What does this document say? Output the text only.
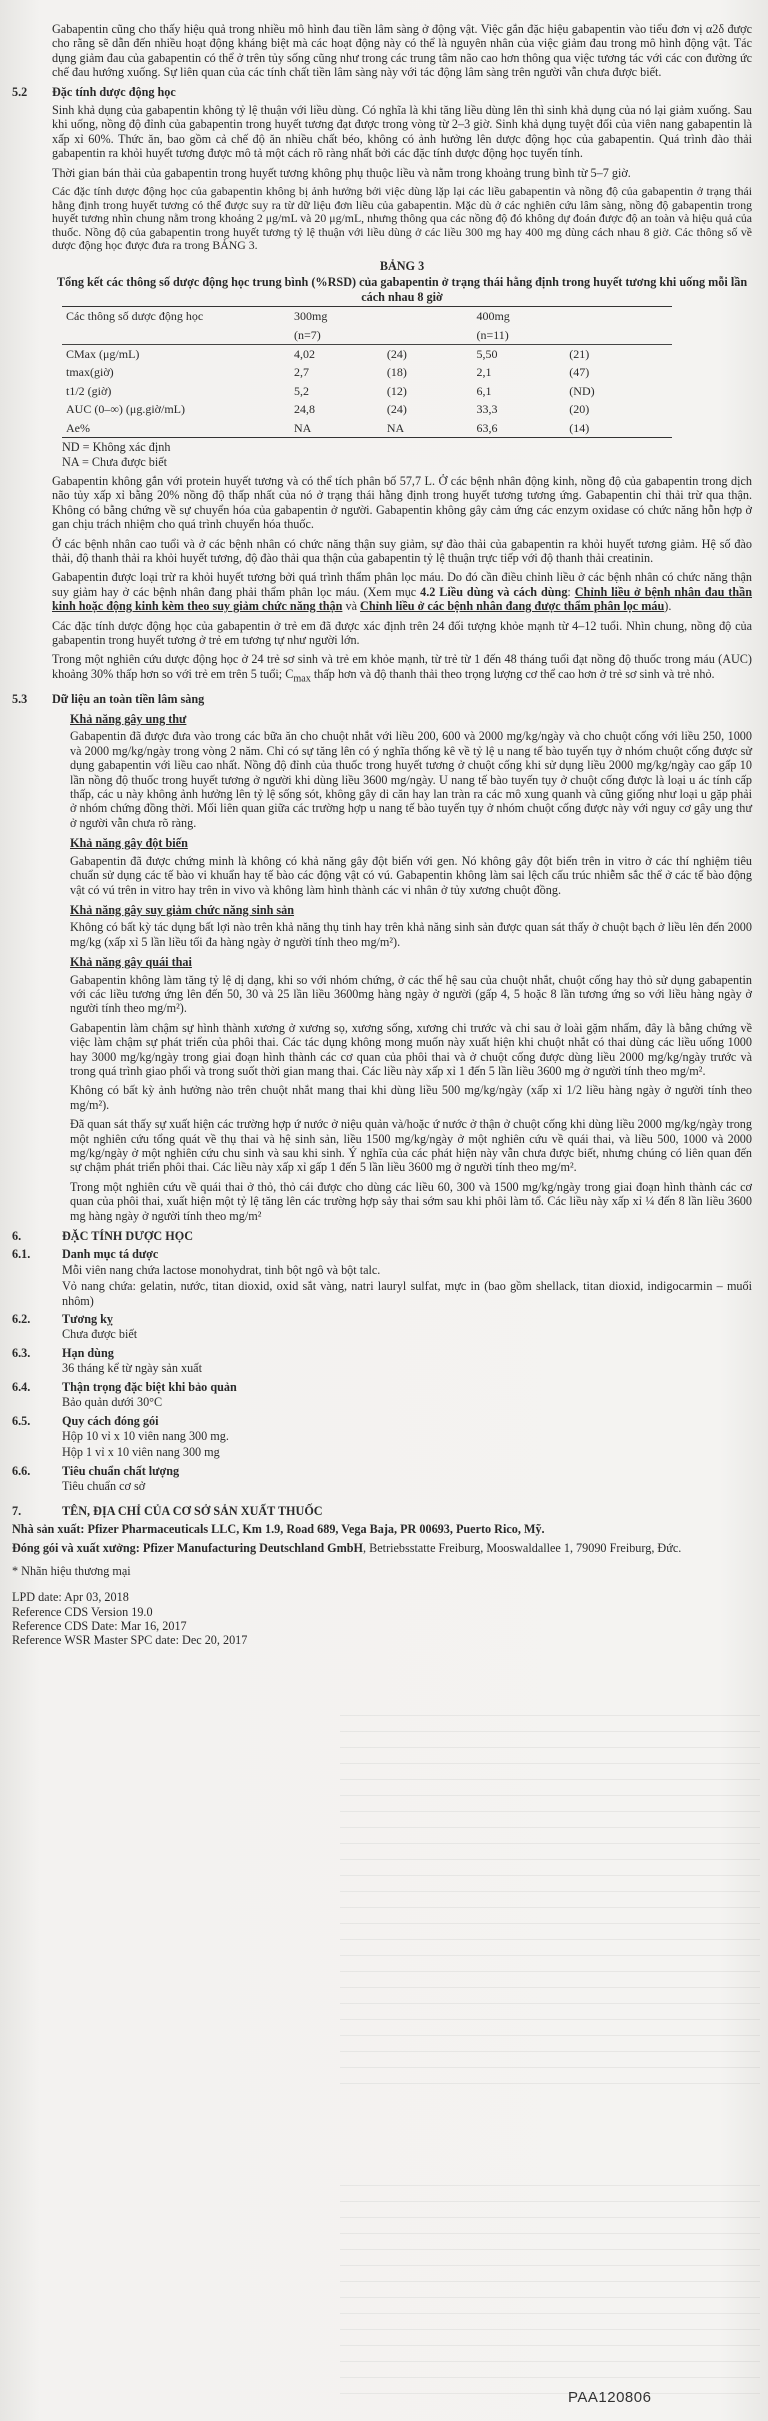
Gabapentin cũng cho thấy hiệu quả trong nhiều mô hình đau tiền lâm sàng ở động vật. Việc gắn đặc hiệu gabapentin vào tiểu đơn vị α2δ được cho rằng sẽ dẫn đến nhiều hoạt động kháng biệt mà các hoạt động này có thể là nguyên nhân của việc giảm đau trong mô hình động vật. Tác dụng giảm đau của gabapentin có thể ở trên tủy sống cũng như trong các trung tâm não cao hơn thông qua việc tương tác với các con đường ức chế đau hướng xuống. Sự liên quan của các tính chất tiền lâm sàng này với tác động lâm sàng trên người vẫn chưa được biết.

5.2	Đặc tính dược động học

Sinh khả dụng của gabapentin không tỷ lệ thuận với liều dùng. Có nghĩa là khi tăng liều dùng lên thì sinh khả dụng của nó lại giảm xuống. Sau khi uống, nồng độ đỉnh của gabapentin trong huyết tương đạt được trong vòng từ 2–3 giờ. Sinh khả dụng tuyệt đối của viên nang gabapentin là xấp xỉ 60%. Thức ăn, bao gồm cả chế độ ăn nhiều chất béo, không có ảnh hưởng lên dược động học của gabapentin. Quá trình đào thải gabapentin ra khỏi huyết tương được mô tả một cách rõ ràng nhất bởi các đặc tính dược động học tuyến tính.

Thời gian bán thải của gabapentin trong huyết tương không phụ thuộc liều và nằm trong khoảng trung bình từ 5–7 giờ.

Các đặc tính dược động học của gabapentin không bị ảnh hưởng bởi việc dùng lặp lại các liều gabapentin và nồng độ của gabapentin ở trạng thái hằng định trong huyết tương có thể được suy ra từ dữ liệu đơn liều của gabapentin. Mặc dù ở các nghiên cứu lâm sàng, nồng độ gabapentin trong huyết tương nhìn chung nằm trong khoảng 2 μg/mL và 20 μg/mL, nhưng thông qua các nồng độ đó không dự đoán được độ an toàn và hiệu quả của thuốc. Nồng độ của gabapentin trong huyết tương tỷ lệ thuận với liều dùng ở các liều 300 mg hay 400 mg dùng cách nhau 8 giờ. Các thông số về dược động học được đưa ra trong BẢNG 3.

BẢNG 3
Tổng kết các thông số dược động học trung bình (%RSD) của gabapentin ở trạng thái hằng định trong huyết tương khi uống mỗi lần cách nhau 8 giờ
Các thông số dược động học	300mg		400mg	
	(n=7)		(n=11)	
CMax (μg/mL)	4,02	(24)	5,50	(21)
tmax(giờ)	2,7	(18)	2,1	(47)
t1/2 (giờ)	5,2	(12)	6,1	(ND)
AUC (0–∞) (μg.giờ/mL)	24,8	(24)	33,3	(20)
Ae%	NA	NA	63,6	(14)

ND = Không xác định

NA = Chưa được biết

Gabapentin không gắn với protein huyết tương và có thể tích phân bố 57,7 L. Ở các bệnh nhân động kinh, nồng độ của gabapentin trong dịch não tủy xấp xỉ bằng 20% nồng độ thấp nhất của nó ở trạng thái hằng định trong huyết tương tương ứng. Gabapentin chỉ thải trừ qua thận. Không có bằng chứng về sự chuyển hóa của gabapentin ở người. Gabapentin không gây cảm ứng các enzym oxidase có chức năng hỗn hợp ở gan chịu trách nhiệm cho quá trình chuyển hóa thuốc.

Ở các bệnh nhân cao tuổi và ở các bệnh nhân có chức năng thận suy giảm, sự đào thải của gabapentin ra khỏi huyết tương giảm. Hệ số đào thải, độ thanh thải ra khỏi huyết tương, độ đào thải qua thận của gabapentin tỷ lệ thuận trực tiếp với độ thanh thải creatinin.

Gabapentin được loại trừ ra khỏi huyết tương bởi quá trình thẩm phân lọc máu. Do đó cần điều chỉnh liều ở các bệnh nhân có chức năng thận suy giảm hay ở các bệnh nhân đang phải thẩm phân lọc máu. (Xem mục 4.2 Liều dùng và cách dùng: Chỉnh liều ở bệnh nhân đau thần kinh hoặc động kinh kèm theo suy giảm chức năng thận và Chỉnh liều ở các bệnh nhân đang được thẩm phân lọc máu).

Các đặc tính dược động học của gabapentin ở trẻ em đã được xác định trên 24 đối tượng khỏe mạnh từ 4–12 tuổi. Nhìn chung, nồng độ của gabapentin trong huyết tương ở trẻ em tương tự như người lớn.

Trong một nghiên cứu dược động học ở 24 trẻ sơ sinh và trẻ em khỏe mạnh, từ trẻ từ 1 đến 48 tháng tuổi đạt nồng độ thuốc trong máu (AUC) khoảng 30% thấp hơn so với trẻ em trên 5 tuổi; $C_{max}$ thấp hơn và độ thanh thải theo trọng lượng cơ thể cao hơn ở trẻ sơ sinh và trẻ nhỏ.

5.3	Dữ liệu an toàn tiền lâm sàng
Khả năng gây ung thư

Gabapentin đã được đưa vào trong các bữa ăn cho chuột nhắt với liều 200, 600 và 2000 mg/kg/ngày và cho chuột cống với liều 250, 1000 và 2000 mg/kg/ngày trong vòng 2 năm. Chỉ có sự tăng lên có ý nghĩa thống kê về tỷ lệ u nang tế bào tuyến tụy ở nhóm chuột cống được sử dụng gabapentin với liều cao nhất. Nồng độ đỉnh của thuốc trong huyết tương ở chuột cống khi sử dụng liều 2000 mg/kg/ngày cao gấp 10 lần nồng độ thuốc trong huyết tương ở người khi dùng liều 3600 mg/ngày. U nang tế bào tuyến tụy ở chuột cống được là loại u ác tính cấp thấp, các u này không ảnh hưởng lên tỷ lệ sống sót, không gây di căn hay lan tràn ra các mô xung quanh và cũng giống như loại u gặp phải ở nhóm chứng đồng thời. Mối liên quan giữa các trường hợp u nang tế bào tuyến tụy ở nhóm chuột cống được này với nguy cơ gây ung thư ở người vẫn chưa rõ ràng.

Khả năng gây đột biến

Gabapentin đã được chứng minh là không có khả năng gây đột biến với gen. Nó không gây đột biến trên in vitro ở các thí nghiệm tiêu chuẩn sử dụng các tế bào vi khuẩn hay tế bào các động vật có vú. Gabapentin không làm sai lệch cấu trúc nhiễm sắc thể ở các tế bào động vật có vú trên in vitro hay trên in vivo và không làm hình thành các vi nhân ở tủy xương chuột đồng.

Khả năng gây suy giảm chức năng sinh sản

Không có bất kỳ tác dụng bất lợi nào trên khả năng thụ tinh hay trên khả năng sinh sản được quan sát thấy ở chuột bạch ở liều lên đến 2000 mg/kg (xấp xỉ 5 lần liều tối đa hàng ngày ở người tính theo mg/m²).

Khả năng gây quái thai

Gabapentin không làm tăng tỷ lệ dị dạng, khi so với nhóm chứng, ở các thế hệ sau của chuột nhắt, chuột cống hay thỏ sử dụng gabapentin với các liều tương ứng lên đến 50, 30 và 25 lần liều 3600mg hàng ngày ở người (gấp 4, 5 hoặc 8 lần tương ứng so với liều hàng ngày ở người tính theo mg/m²).

Gabapentin làm chậm sự hình thành xương ở xương sọ, xương sống, xương chi trước và chi sau ở loài gặm nhấm, đây là bằng chứng về việc làm chậm sự phát triển của phôi thai. Các tác dụng không mong muốn này xuất hiện khi chuột nhắt có thai dùng các liều uống 1000 hay 3000 mg/kg/ngày trong giai đoạn hình thành các cơ quan của phôi thai và ở chuột cống được dùng liều 2000 mg/kg/ngày trước và trong quá trình giao phối và trong suốt thời gian mang thai. Các liều này xấp xỉ 1 đến 5 lần liều 3600 mg ở người tính theo mg/m².

Không có bất kỳ ảnh hưởng nào trên chuột nhắt mang thai khi dùng liều 500 mg/kg/ngày (xấp xỉ 1/2 liều hàng ngày ở người tính theo mg/m²).

Đã quan sát thấy sự xuất hiện các trường hợp ứ nước ở niệu quản và/hoặc ứ nước ở thận ở chuột cống khi dùng liều 2000 mg/kg/ngày trong một nghiên cứu tổng quát về thụ thai và hệ sinh sản, liều 1500 mg/kg/ngày ở một nghiên cứu về quái thai, và liều 500, 1000 và 2000 mg/kg/ngày ở một nghiên cứu chu sinh và sau khi sinh. Ý nghĩa của các phát hiện này vẫn chưa được biết, nhưng chúng có liên quan đến sự chậm phát triển phôi thai. Các liều này xấp xỉ gấp 1 đến 5 lần liều 3600 mg ở người tính theo mg/m².

Trong một nghiên cứu về quái thai ở thỏ, thỏ cái được cho dùng các liều 60, 300 và 1500 mg/kg/ngày trong giai đoạn hình thành các cơ quan của phôi thai, xuất hiện một tỷ lệ tăng lên các trường hợp sảy thai sớm sau khi phôi làm tổ. Các liều này xấp xỉ ¼ đến 8 lần liều 3600 mg hàng ngày ở người tính theo mg/m²

6.	ĐẶC TÍNH DƯỢC HỌC
6.1.	Danh mục tá dược

Mỗi viên nang chứa lactose monohydrat, tinh bột ngô và bột talc.

Vỏ nang chứa: gelatin, nước, titan dioxid, oxid sắt vàng, natri lauryl sulfat, mực in (bao gồm shellack, titan dioxid, indigocarmin – muối nhôm)

6.2.	Tương kỵ

Chưa được biết

6.3.	Hạn dùng

36 tháng kể từ ngày sản xuất

6.4.	Thận trọng đặc biệt khi bảo quản

Bảo quản dưới 30°C

6.5.	Quy cách đóng gói

Hộp 10 vỉ x 10 viên nang 300 mg.

Hộp 1 vỉ x 10 viên nang 300 mg

6.6.	Tiêu chuẩn chất lượng

Tiêu chuẩn cơ sở

7.	TÊN, ĐỊA CHỈ CỦA CƠ SỞ SẢN XUẤT THUỐC

Nhà sản xuất: Pfizer Pharmaceuticals LLC, Km 1.9, Road 689, Vega Baja, PR 00693, Puerto Rico, Mỹ.

Đóng gói và xuất xưởng: Pfizer Manufacturing Deutschland GmbH, Betriebsstatte Freiburg, Mooswaldallee 1, 79090 Freiburg, Đức.

* Nhãn hiệu thương mại

LPD date: Apr 03, 2018

Reference CDS Version 19.0

Reference CDS Date: Mar 16, 2017

Reference WSR Master SPC date: Dec 20, 2017

PAA120806
